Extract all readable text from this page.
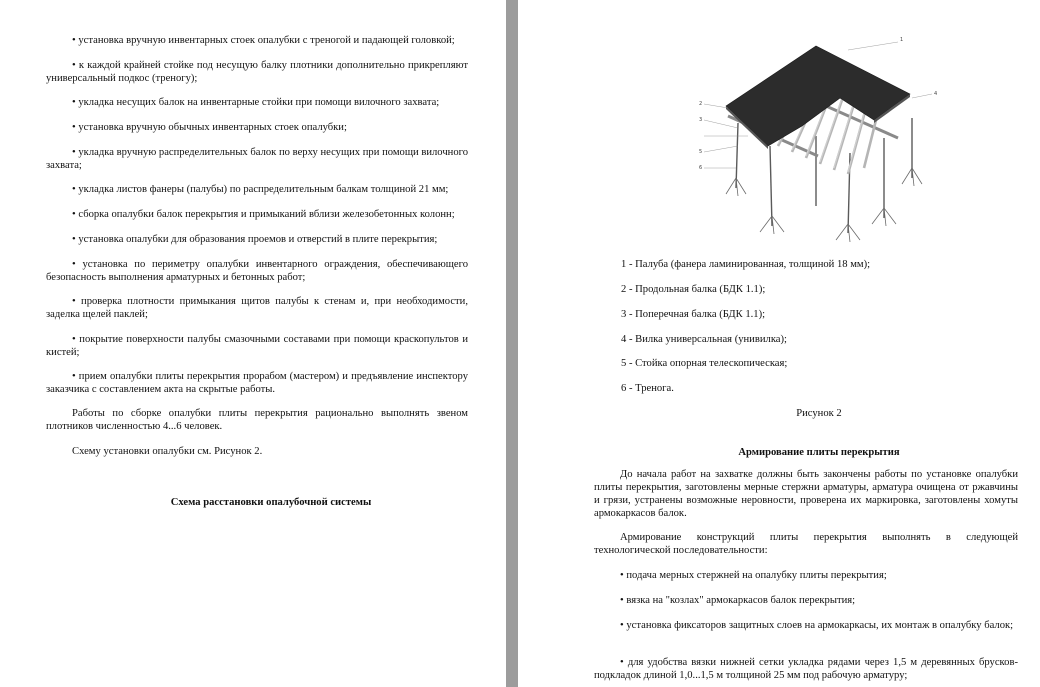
• установка вручную инвентарных стоек опалубки с треногой и падающей головкой;

• к каждой крайней стойке под несущую балку плотники дополнительно прикрепляют универсальный подкос (треногу);

• укладка несущих балок на инвентарные стойки при помощи вилочного захвата;

• установка вручную обычных инвентарных стоек опалубки;

• укладка вручную распределительных балок по верху несущих при помощи вилочного захвата;

• укладка листов фанеры (палубы) по распределительным балкам толщиной 21 мм;

• сборка опалубки балок перекрытия и примыканий вблизи железобетонных колонн;

• установка опалубки для образования проемов и отверстий в плите перекрытия;

• установка по периметру опалубки инвентарного ограждения, обеспечивающего безопасность выполнения арматурных и бетонных работ;

• проверка плотности примыкания щитов палубы к стенам и, при необходимости, заделка щелей паклей;

• покрытие поверхности палубы смазочными составами при помощи краскопультов и кистей;

• прием опалубки плиты перекрытия прорабом (мастером) и предъявление инспектору заказчика с составлением акта на скрытые работы.

Работы по сборке опалубки плиты перекрытия рационально выполнять звеном плотников численностью 4...6 человек.

Схему установки опалубки см. Рисунок 2.

Схема расстановки опалубочной системы

1
2
3
4
5
6

1 - Палуба (фанера ламинированная, толщиной 18 мм);

2 - Продольная балка (БДК 1.1);

3 - Поперечная балка (БДК 1.1);

4 - Вилка универсальная (унивилка);

5 - Стойка опорная телескопическая;

6 - Тренога.

Рисунок 2

Армирование плиты перекрытия

До начала работ на захватке должны быть закончены работы по установке опалубки плиты перекрытия, заготовлены мерные стержни арматуры, арматура очищена от ржавчины и грязи, устранены возможные неровности, проверена их маркировка, заготовлены хомуты армокаркасов балок.

Армирование конструкций плиты перекрытия выполнять в следующей технологической последовательности:

• подача мерных стержней на опалубку плиты перекрытия;

• вязка на "козлах" армокаркасов балок перекрытия;

• установка фиксаторов защитных слоев на армокаркасы, их монтаж в опалубку балок;

• для удобства вязки нижней сетки укладка рядами через 1,5 м деревянных брусков-подкладок длиной 1,0...1,5 м толщиной 25 мм под рабочую арматуру;
